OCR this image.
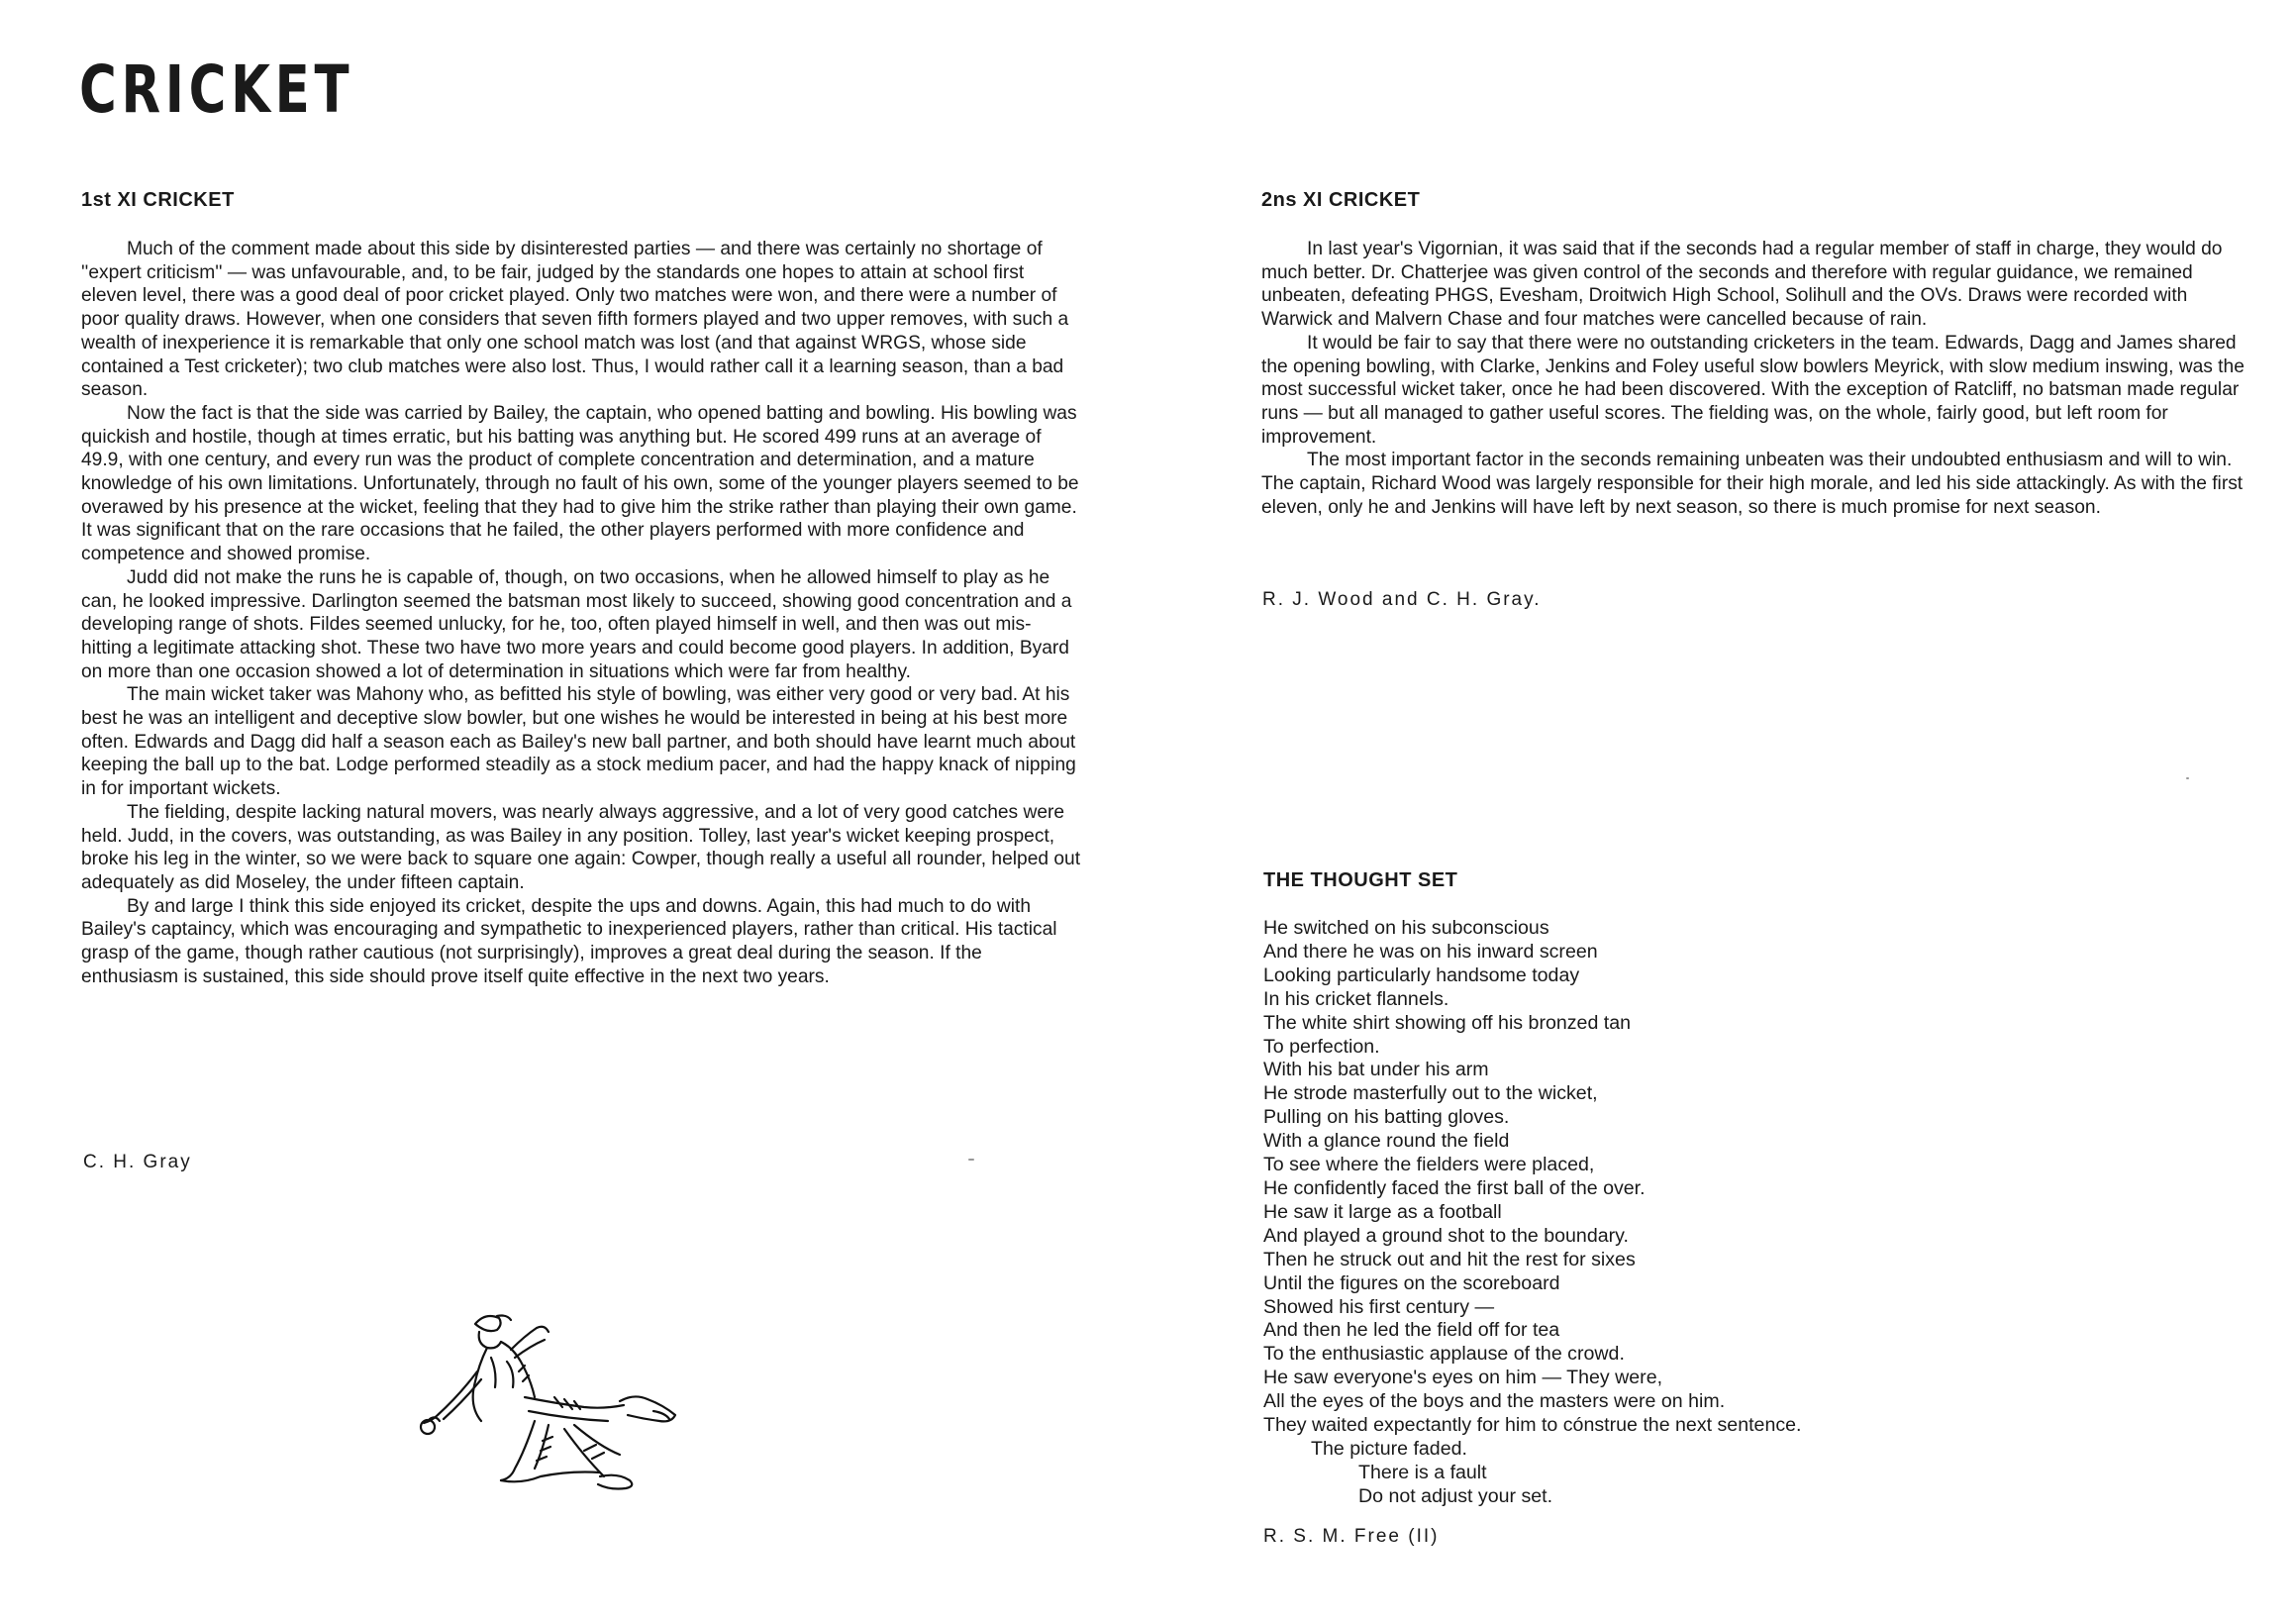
CRICKET
1st XI CRICKET

Much of the comment made about this side by disinterested parties — and there was certainly no shortage of ''expert criticism'' — was unfavourable, and, to be fair, judged by the standards one hopes to attain at school first eleven level, there was a good deal of poor cricket played. Only two matches were won, and there were a number of poor quality draws. However, when one considers that seven fifth formers played and two upper removes, with such a wealth of inexperience it is remarkable that only one school match was lost (and that against WRGS, whose side contained a Test cricketer); two club matches were also lost. Thus, I would rather call it a learning season, than a bad season.

Now the fact is that the side was carried by Bailey, the captain, who opened batting and bowling. His bowling was quickish and hostile, though at times erratic, but his batting was anything but. He scored 499 runs at an average of 49.9, with one century, and every run was the product of complete concentration and determination, and a mature knowledge of his own limitations. Unfortunately, through no fault of his own, some of the younger players seemed to be overawed by his presence at the wicket, feeling that they had to give him the strike rather than playing their own game. It was significant that on the rare occasions that he failed, the other players performed with more confidence and competence and showed promise.

Judd did not make the runs he is capable of, though, on two occasions, when he allowed himself to play as he can, he looked impressive. Darlington seemed the batsman most likely to succeed, showing good concentration and a developing range of shots. Fildes seemed unlucky, for he, too, often played himself in well, and then was out mis-hitting a legitimate attacking shot. These two have two more years and could become good players. In addition, Byard on more than one occasion showed a lot of determination in situations which were far from healthy.

The main wicket taker was Mahony who, as befitted his style of bowling, was either very good or very bad. At his best he was an intelligent and deceptive slow bowler, but one wishes he would be interested in being at his best more often. Edwards and Dagg did half a season each as Bailey's new ball partner, and both should have learnt much about keeping the ball up to the bat. Lodge performed steadily as a stock medium pacer, and had the happy knack of nipping in for important wickets.

The fielding, despite lacking natural movers, was nearly always aggressive, and a lot of very good catches were held. Judd, in the covers, was outstanding, as was Bailey in any position. Tolley, last year's wicket keeping prospect, broke his leg in the winter, so we were back to square one again: Cowper, though really a useful all rounder, helped out adequately as did Moseley, the under fifteen captain.

By and large I think this side enjoyed its cricket, despite the ups and downs. Again, this had much to do with Bailey's captaincy, which was encouraging and sympathetic to inexperienced players, rather than critical. His tactical grasp of the game, though rather cautious (not surprisingly), improves a great deal during the season. If the enthusiasm is sustained, this side should prove itself quite effective in the next two years.

C. H. Gray
2ns XI CRICKET

In last year's Vigornian, it was said that if the seconds had a regular member of staff in charge, they would do much better. Dr. Chatterjee was given control of the seconds and therefore with regular guidance, we remained unbeaten, defeating PHGS, Evesham, Droitwich High School, Solihull and the OVs. Draws were recorded with Warwick and Malvern Chase and four matches were cancelled because of rain.

It would be fair to say that there were no outstanding cricketers in the team. Edwards, Dagg and James shared the opening bowling, with Clarke, Jenkins and Foley useful slow bowlers Meyrick, with slow medium inswing, was the most successful wicket taker, once he had been discovered. With the exception of Ratcliff, no batsman made regular runs — but all managed to gather useful scores. The fielding was, on the whole, fairly good, but left room for improvement.

The most important factor in the seconds remaining unbeaten was their undoubted enthusiasm and will to win. The captain, Richard Wood was largely responsible for their high morale, and led his side attackingly. As with the first eleven, only he and Jenkins will have left by next season, so there is much promise for next season.

R. J. Wood and C. H. Gray.
THE THOUGHT SET
He switched on his subconscious
And there he was on his inward screen
Looking particularly handsome today
In his cricket flannels.
The white shirt showing off his bronzed tan
To perfection.
With his bat under his arm
He strode masterfully out to the wicket,
Pulling on his batting gloves.
With a glance round the field
To see where the fielders were placed,
He confidently faced the first ball of the over.
He saw it large as a football
And played a ground shot to the boundary.
Then he struck out and hit the rest for sixes
Until the figures on the scoreboard
Showed his first century —
And then he led the field off for tea
To the enthusiastic applause of the crowd.
He saw everyone's eyes on him — They were,
All the eyes of the boys and the masters were on him.
They waited expectantly for him to cónstrue the next sentence.
The picture faded.
There is a fault
Do not adjust your set.
R. S. M. Free (II)
